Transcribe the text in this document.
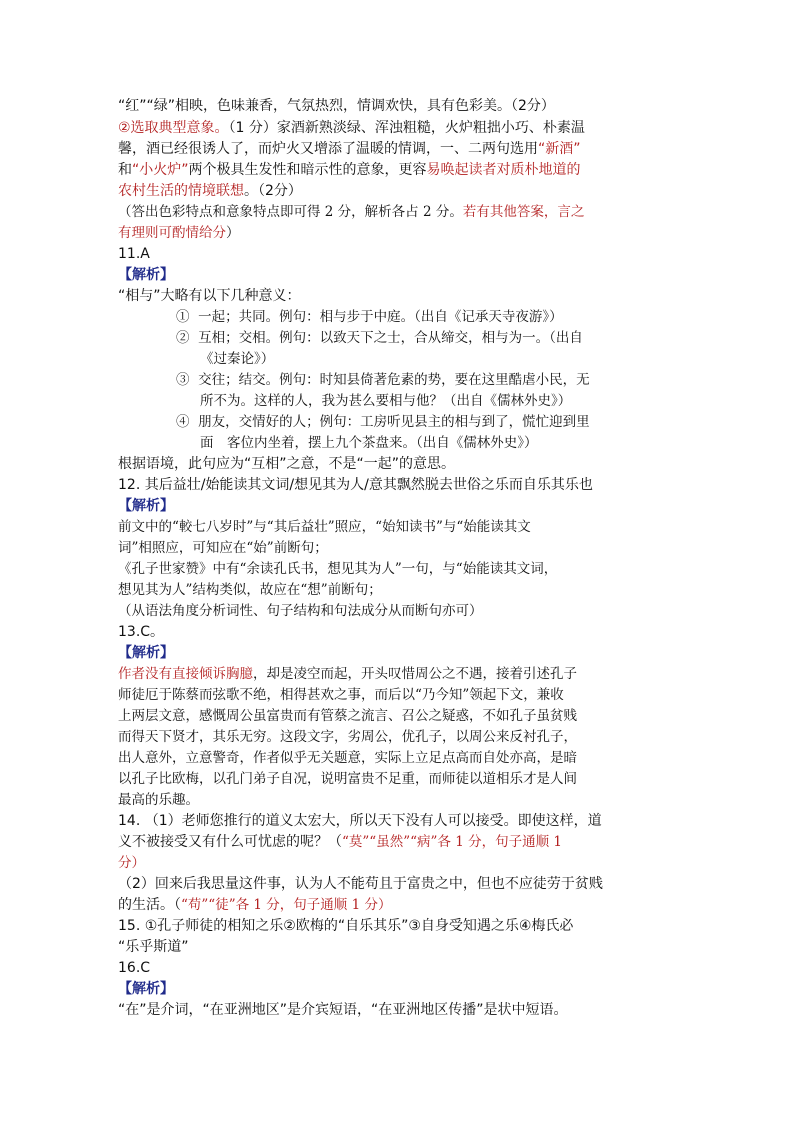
“红”“绿”相映，色味兼香，气氛热烈，情调欢快，具有色彩美。（2分）
②选取典型意象。（1 分）家酒新熟淡绿、浑浊粗糙，火炉粗拙小巧、朴素温
馨，酒已经很诱人了，而炉火又增添了温暖的情调，一、二两句选用“新酒”
和“小火炉”两个极具生发性和暗示性的意象，更容易唤起读者对质朴地道的
农村生活的情境联想。（2分）
（答出色彩特点和意象特点即可得 2 分，解析各占 2 分。若有其他答案，言之
有理则可酌情给分）
11.A
【解析】
“相与”大略有以下几种意义：
① 一起；共同。例句：相与步于中庭。（出自《记承天寺夜游》）
② 互相；交相。例句：以致天下之士，合从缔交，相与为一。（出自
《过秦论》）
③ 交往；结交。例句：时知县倚著危素的势，要在这里酷虐小民，无
所不为。这样的人，我为甚么要相与他？（出自《儒林外史》）
④ 朋友，交情好的人；例句：工房听见县主的相与到了，慌忙迎到里
面　客位内坐着，摆上九个茶盘来。（出自《儒林外史》）
根据语境，此句应为“互相”之意，不是“一起”的意思。
12. 其后益壮/始能读其文词/想见其为人/意其飘然脱去世俗之乐而自乐其乐也
【解析】
前文中的“較七八岁时”与“其后益壮”照应，“始知读书”与“始能读其文
词”相照应，可知应在“始”前断句；
《孔子世家赞》中有“余读孔氏书，想见其为人”一句，与“始能读其文词，
想见其为人”结构类似，故应在“想”前断句；
（从语法角度分析词性、句子结构和句法成分从而断句亦可）
13.C。
【解析】
作者没有直接倾诉胸臆，却是凌空而起，开头叹惜周公之不遇，接着引述孔子
师徒厄于陈蔡而弦歌不绝，相得甚欢之事，而后以“乃今知”领起下文，兼收
上两层文意，感慨周公虽富贵而有管蔡之流言、召公之疑惑，不如孔子虽贫贱
而得天下贤才，其乐无穷。这段文字，劣周公，优孔子，以周公来反衬孔子，
出人意外，立意警奇，作者似乎无关题意，实际上立足点高而自处亦高，是暗
以孔子比欧梅，以孔门弟子自况，说明富贵不足重，而师徒以道相乐才是人间
最高的乐趣。
14. （1）老师您推行的道义太宏大，所以天下没有人可以接受。即使这样，道
义不被接受又有什么可忧虑的呢？（“莫”“虽然”“病”各 1 分，句子通顺 1
分）
（2）回来后我思量这件事，认为人不能苟且于富贵之中，但也不应徒劳于贫贱
的生活。（“苟”“徒”各 1 分，句子通顺 1 分）
15. ①孔子师徒的相知之乐②欧梅的“自乐其乐”③自身受知遇之乐④梅氏必
“乐乎斯道”
16.C
【解析】
“在”是介词，“在亚洲地区”是介宾短语，“在亚洲地区传播”是状中短语。
